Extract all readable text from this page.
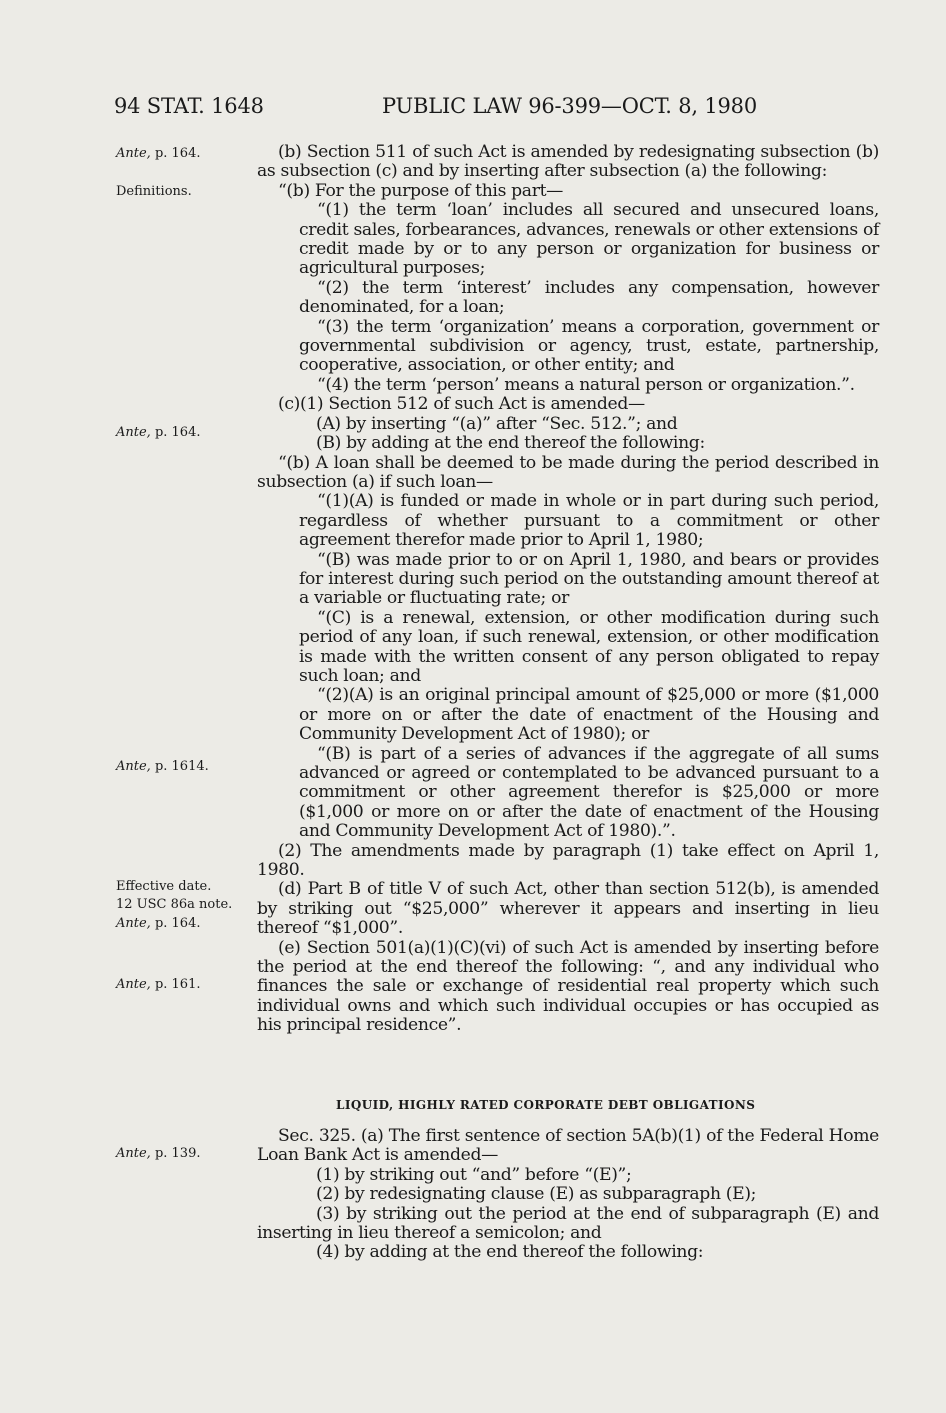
94 STAT. 1648	PUBLIC LAW 96-399—OCT. 8, 1980
Ante, p. 164.
Definitions.
Ante, p. 164.
Ante, p. 1614.
Effective date.
12 USC 86a note.
Ante, p. 164.
Ante, p. 161.
Ante, p. 139.

(b) Section 511 of such Act is amended by redesignating subsection (b) as subsection (c) and by inserting after subsection (a) the following:

“(b) For the purpose of this part—

“(1) the term ‘loan’ includes all secured and unsecured loans, credit sales, forbearances, advances, renewals or other extensions of credit made by or to any person or organization for business or agricultural purposes;

“(2) the term ‘interest’ includes any compensation, however denominated, for a loan;

“(3) the term ‘organization’ means a corporation, government or governmental subdivision or agency, trust, estate, partnership, cooperative, association, or other entity; and

“(4) the term ‘person’ means a natural person or organization.”.

(c)(1) Section 512 of such Act is amended—

(A) by inserting “(a)” after “Sec. 512.”; and

(B) by adding at the end thereof the following:

“(b) A loan shall be deemed to be made during the period described in subsection (a) if such loan—

“(1)(A) is funded or made in whole or in part during such period, regardless of whether pursuant to a commitment or other agreement therefor made prior to April 1, 1980;

“(B) was made prior to or on April 1, 1980, and bears or provides for interest during such period on the outstanding amount thereof at a variable or fluctuating rate; or

“(C) is a renewal, extension, or other modification during such period of any loan, if such renewal, extension, or other modification is made with the written consent of any person obligated to repay such loan; and

“(2)(A) is an original principal amount of $25,000 or more ($1,000 or more on or after the date of enactment of the Housing and Community Development Act of 1980); or

“(B) is part of a series of advances if the aggregate of all sums advanced or agreed or contemplated to be advanced pursuant to a commitment or other agreement therefor is $25,000 or more ($1,000 or more on or after the date of enactment of the Housing and Community Development Act of 1980).”.

(2) The amendments made by paragraph (1) take effect on April 1, 1980.

(d) Part B of title V of such Act, other than section 512(b), is amended by striking out “$25,000” wherever it appears and inserting in lieu thereof “$1,000”.

(e) Section 501(a)(1)(C)(vi) of such Act is amended by inserting before the period at the end thereof the following: “, and any individual who finances the sale or exchange of residential real property which such individual owns and which such individual occupies or has occupied as his principal residence”.

LIQUID, HIGHLY RATED CORPORATE DEBT OBLIGATIONS

Sec. 325. (a) The first sentence of section 5A(b)(1) of the Federal Home Loan Bank Act is amended—

(1) by striking out “and” before “(E)”;

(2) by redesignating clause (E) as subparagraph (E);

(3) by striking out the period at the end of subparagraph (E) and inserting in lieu thereof a semicolon; and

(4) by adding at the end thereof the following:
